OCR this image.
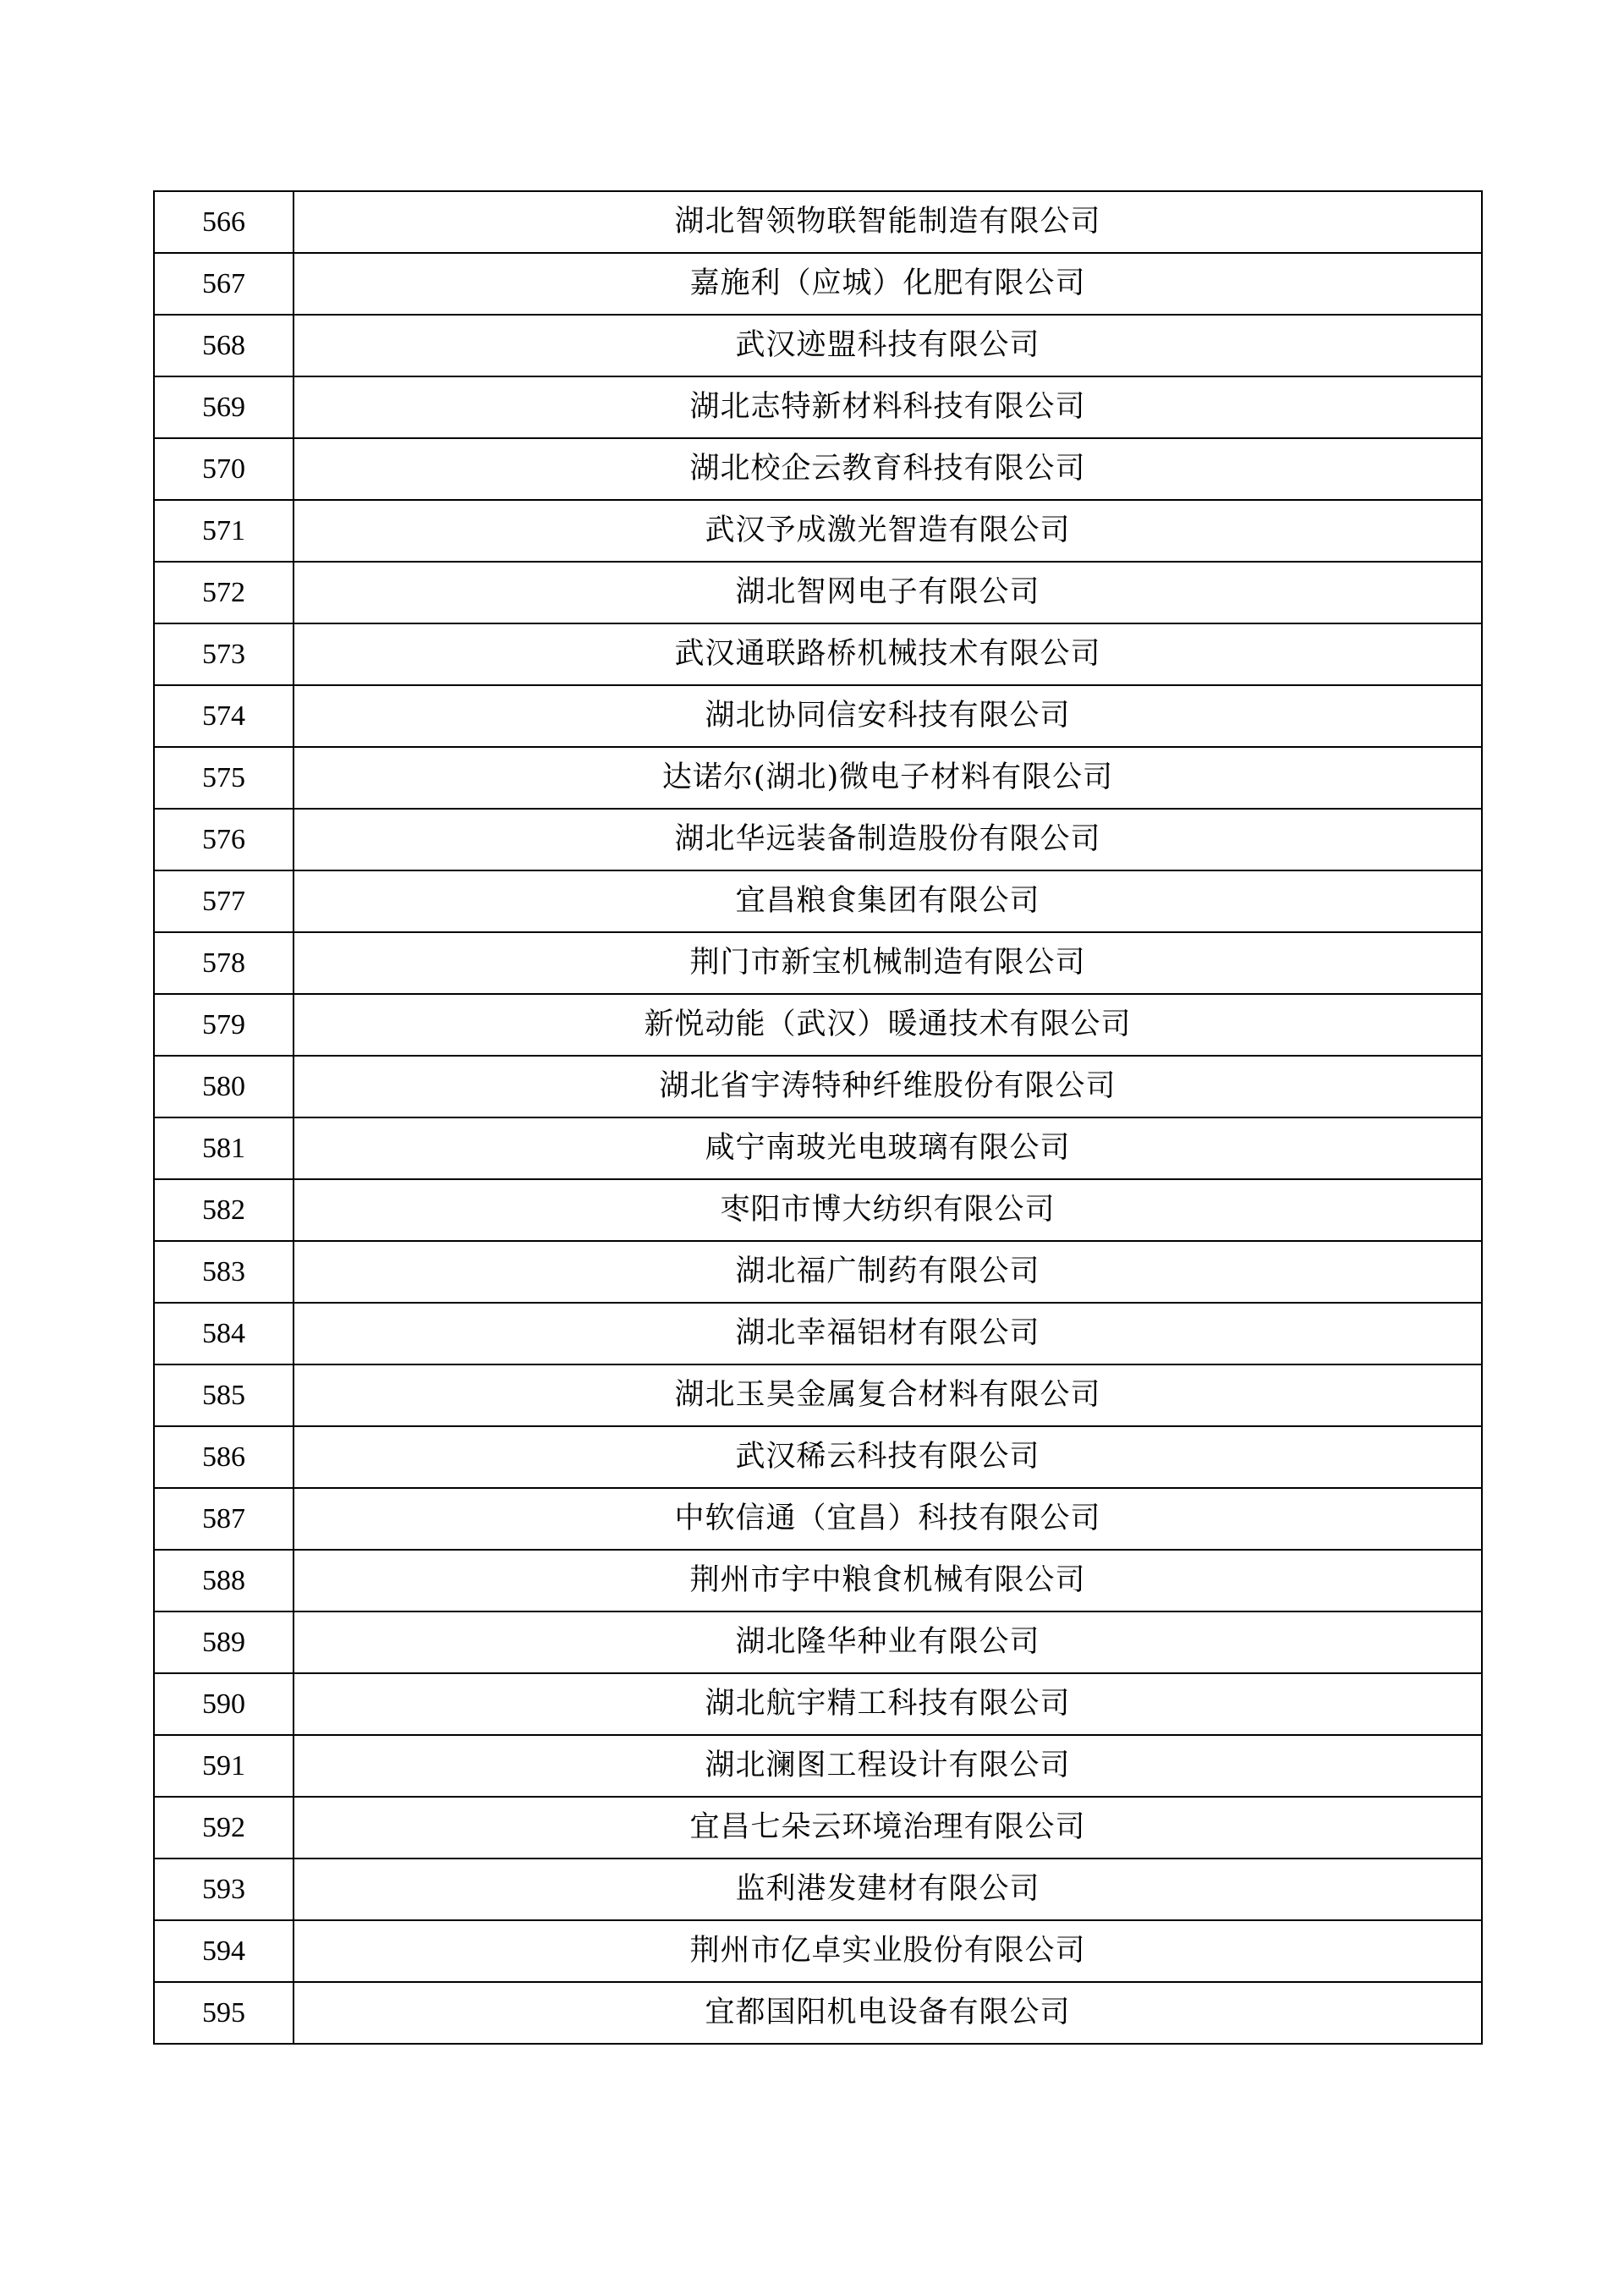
566	湖北智领物联智能制造有限公司
567	嘉施利（应城）化肥有限公司
568	武汉迹盟科技有限公司
569	湖北志特新材料科技有限公司
570	湖北校企云教育科技有限公司
571	武汉予成激光智造有限公司
572	湖北智网电子有限公司
573	武汉通联路桥机械技术有限公司
574	湖北协同信安科技有限公司
575	达诺尔(湖北)微电子材料有限公司
576	湖北华远装备制造股份有限公司
577	宜昌粮食集团有限公司
578	荆门市新宝机械制造有限公司
579	新悦动能（武汉）暖通技术有限公司
580	湖北省宇涛特种纤维股份有限公司
581	咸宁南玻光电玻璃有限公司
582	枣阳市博大纺织有限公司
583	湖北福广制药有限公司
584	湖北幸福铝材有限公司
585	湖北玉昊金属复合材料有限公司
586	武汉稀云科技有限公司
587	中软信通（宜昌）科技有限公司
588	荆州市宇中粮食机械有限公司
589	湖北隆华种业有限公司
590	湖北航宇精工科技有限公司
591	湖北澜图工程设计有限公司
592	宜昌七朵云环境治理有限公司
593	监利港发建材有限公司
594	荆州市亿卓实业股份有限公司
595	宜都国阳机电设备有限公司
